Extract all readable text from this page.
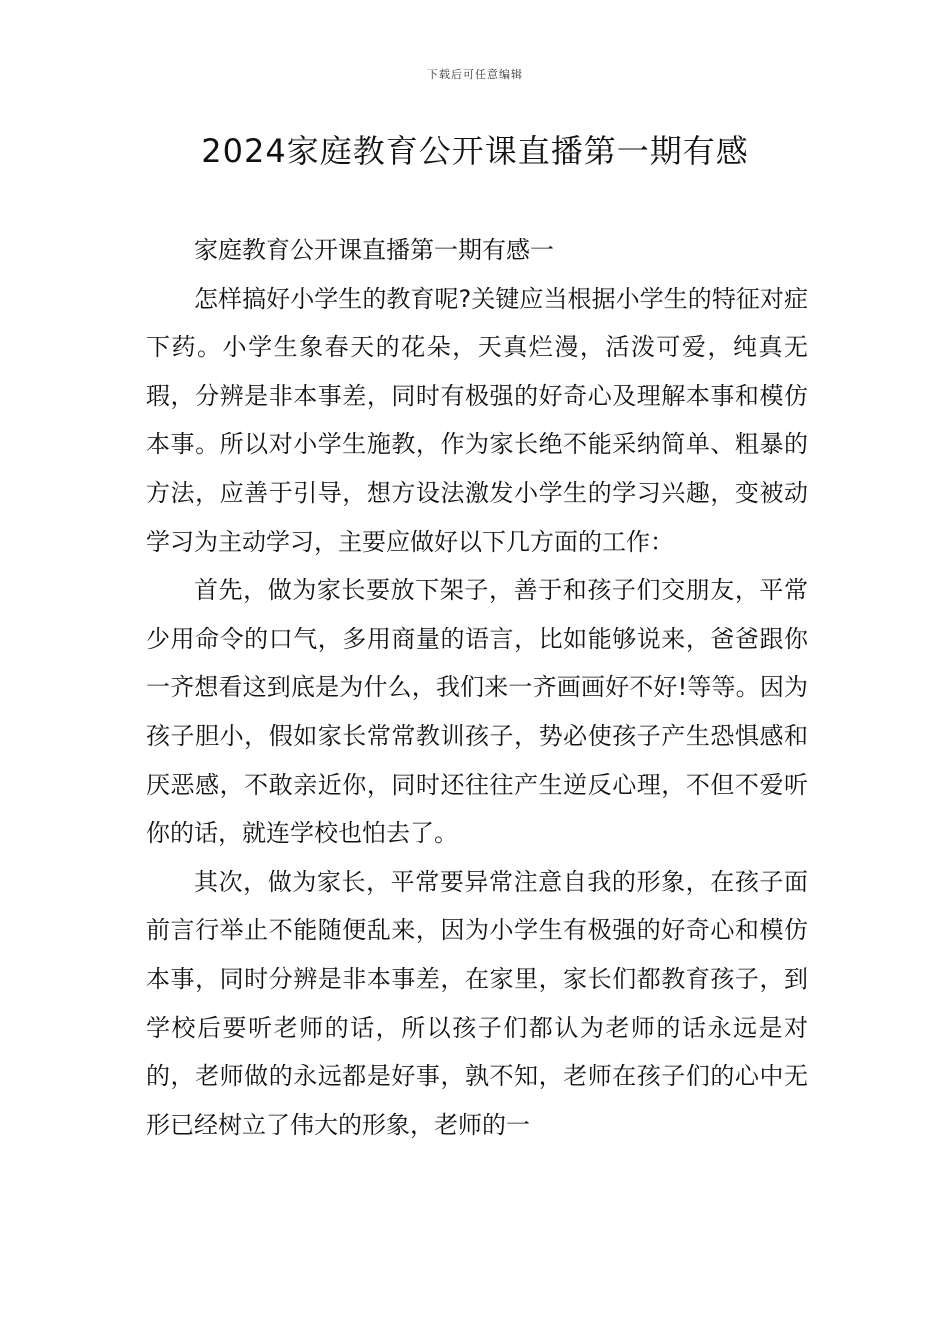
下载后可任意编辑
2024家庭教育公开课直播第一期有感

家庭教育公开课直播第一期有感一

怎样搞好小学生的教育呢?关键应当根据小学生的特征对症下药。小学生象春天的花朵，天真烂漫，活泼可爱，纯真无瑕，分辨是非本事差，同时有极强的好奇心及理解本事和模仿本事。所以对小学生施教，作为家长绝不能采纳简单、粗暴的方法，应善于引导，想方设法激发小学生的学习兴趣，变被动学习为主动学习，主要应做好以下几方面的工作：

首先，做为家长要放下架子，善于和孩子们交朋友，平常少用命令的口气，多用商量的语言，比如能够说来，爸爸跟你一齐想看这到底是为什么，我们来一齐画画好不好!等等。因为孩子胆小，假如家长常常教训孩子，势必使孩子产生恐惧感和厌恶感，不敢亲近你，同时还往往产生逆反心理，不但不爱听你的话，就连学校也怕去了。

其次，做为家长，平常要异常注意自我的形象，在孩子面前言行举止不能随便乱来，因为小学生有极强的好奇心和模仿本事，同时分辨是非本事差，在家里，家长们都教育孩子，到学校后要听老师的话，所以孩子们都认为老师的话永远是对的，老师做的永远都是好事，孰不知，老师在孩子们的心中无形已经树立了伟大的形象，老师的一
